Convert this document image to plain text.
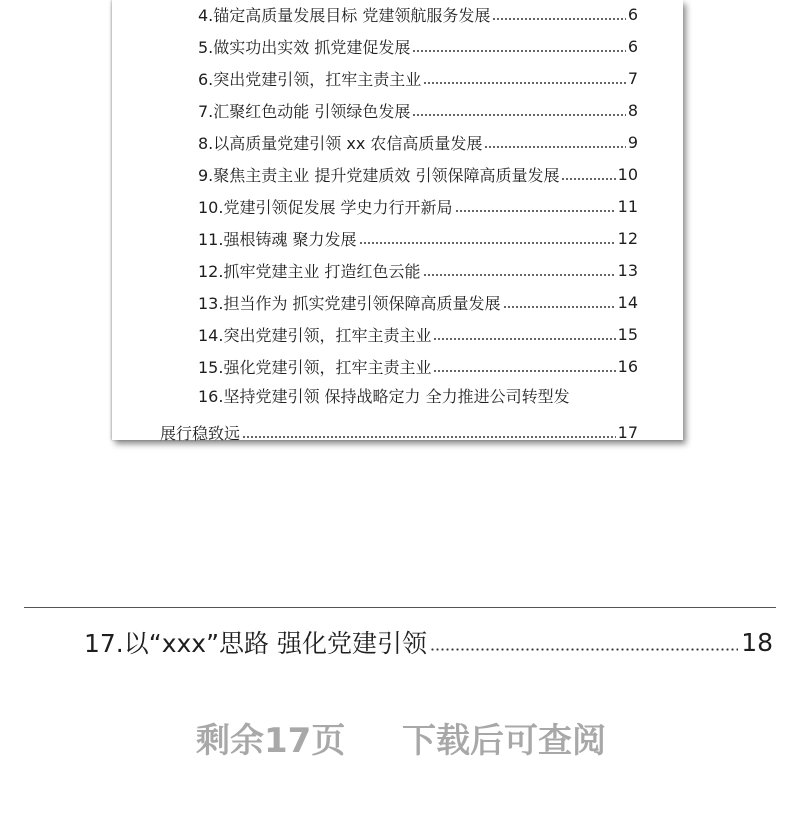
4.锚定高质量发展目标 党建领航服务发展	6
5.做实功出实效 抓党建促发展	6
6.突出党建引领，扛牢主责主业	7
7.汇聚红色动能 引领绿色发展	8
8.以高质量党建引领 xx 农信高质量发展	9
9.聚焦主责主业 提升党建质效 引领保障高质量发展	10
10.党建引领促发展 学史力行开新局	11
11.强根铸魂 聚力发展	12
12.抓牢党建主业 打造红色云能	13
13.担当作为 抓实党建引领保障高质量发展	14
14.突出党建引领，扛牢主责主业	15
15.强化党建引领，扛牢主责主业	16
16.坚持党建引领 保持战略定力 全力推进公司转型发
展行稳致远	17
17.以“xxx”思路 强化党建引领	18
剩余17页 下载后可查阅
